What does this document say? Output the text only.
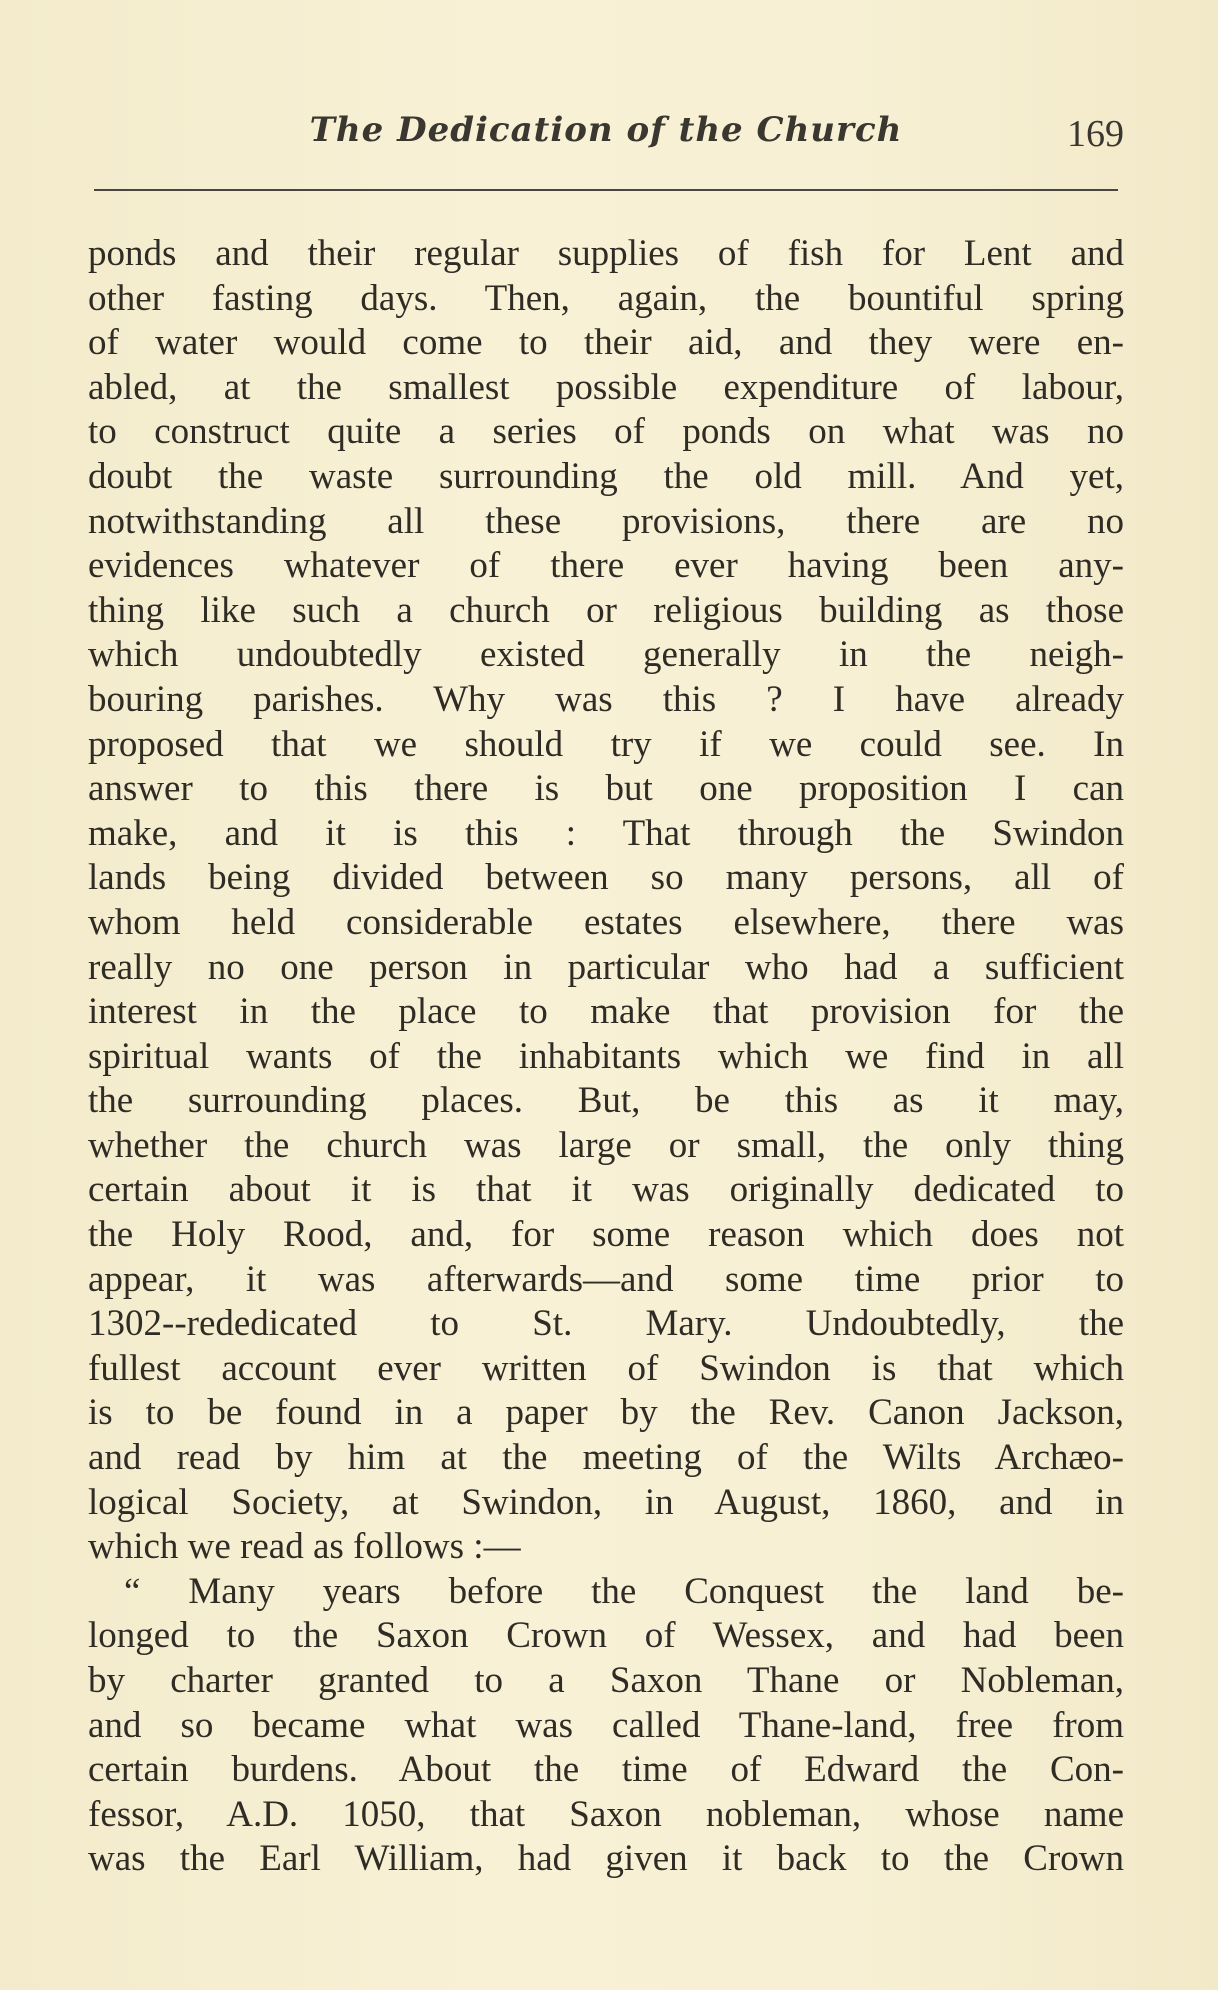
The Dedication of the Church	169
ponds and their regular supplies of fish for Lent and
other fasting days. Then, again, the bountiful spring
of water would come to their aid, and they were en-
abled, at the smallest possible expenditure of labour,
to construct quite a series of ponds on what was no
doubt the waste surrounding the old mill. And yet,
notwithstanding all these provisions, there are no
evidences whatever of there ever having been any-
thing like such a church or religious building as those
which undoubtedly existed generally in the neigh-
bouring parishes. Why was this ? I have already
proposed that we should try if we could see. In
answer to this there is but one proposition I can
make, and it is this : That through the Swindon
lands being divided between so many persons, all of
whom held considerable estates elsewhere, there was
really no one person in particular who had a sufficient
interest in the place to make that provision for the
spiritual wants of the inhabitants which we find in all
the surrounding places. But, be this as it may,
whether the church was large or small, the only thing
certain about it is that it was originally dedicated to
the Holy Rood, and, for some reason which does not
appear, it was afterwards—and some time prior to
1302--rededicated to St. Mary. Undoubtedly, the
fullest account ever written of Swindon is that which
is to be found in a paper by the Rev. Canon Jackson,
and read by him at the meeting of the Wilts Archæo-
logical Society, at Swindon, in August, 1860, and in
which we read as follows :—
“ Many years before the Conquest the land be-
longed to the Saxon Crown of Wessex, and had been
by charter granted to a Saxon Thane or Nobleman,
and so became what was called Thane-land, free from
certain burdens. About the time of Edward the Con-
fessor, A.D. 1050, that Saxon nobleman, whose name
was the Earl William, had given it back to the Crown
